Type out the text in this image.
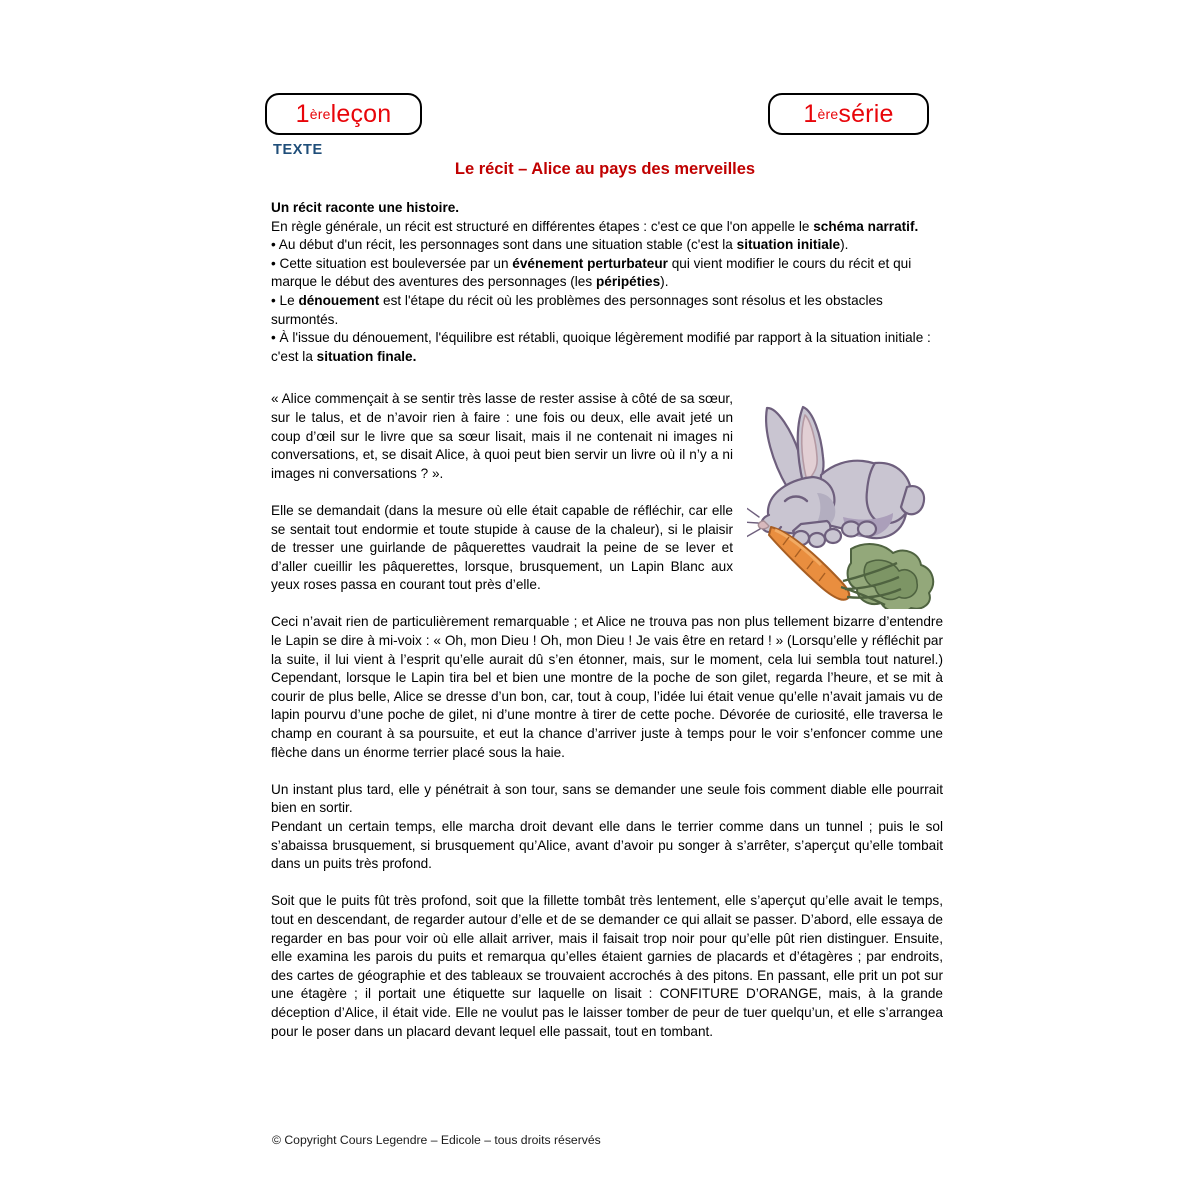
1 ère leçon	1 ère série
TEXTE
Le récit – Alice au pays des merveilles

Un récit raconte une histoire.

En règle générale, un récit est structuré en différentes étapes : c'est ce que l'on appelle le schéma narratif.

• Au début d'un récit, les personnages sont dans une situation stable (c'est la situation initiale).

• Cette situation est bouleversée par un événement perturbateur qui vient modifier le cours du récit et qui marque le début des aventures des personnages (les péripéties).

• Le dénouement est l'étape du récit où les problèmes des personnages sont résolus et les obstacles surmontés.

• À l'issue du dénouement, l'équilibre est rétabli, quoique légèrement modifié par rapport à la situation initiale : c'est la situation finale.

« Alice commençait à se sentir très lasse de rester assise à côté de sa sœur, sur le talus, et de n’avoir rien à faire : une fois ou deux, elle avait jeté un coup d’œil sur le livre que sa sœur lisait, mais il ne contenait ni images ni conversations, et, se disait Alice, à quoi peut bien servir un livre où il n’y a ni images ni conversations ? ».

Elle se demandait (dans la mesure où elle était capable de réfléchir, car elle se sentait tout endormie et toute stupide à cause de la chaleur), si le plaisir de tresser une guirlande de pâquerettes vaudrait la peine de se lever et d’aller cueillir les pâquerettes, lorsque, brusquement, un Lapin Blanc aux yeux roses passa en courant tout près d’elle.

Ceci n’avait rien de particulièrement remarquable ; et Alice ne trouva pas non plus tellement bizarre d’entendre le Lapin se dire à mi-voix : « Oh, mon Dieu ! Oh, mon Dieu ! Je vais être en retard ! » (Lorsqu’elle y réfléchit par la suite, il lui vient à l’esprit qu’elle aurait dû s’en étonner, mais, sur le moment, cela lui sembla tout naturel.) Cependant, lorsque le Lapin tira bel et bien une montre de la poche de son gilet, regarda l’heure, et se mit à courir de plus belle, Alice se dresse d’un bon, car, tout à coup, l’idée lui était venue qu’elle n’avait jamais vu de lapin pourvu d’une poche de gilet, ni d’une montre à tirer de cette poche. Dévorée de curiosité, elle traversa le champ en courant à sa poursuite, et eut la chance d’arriver juste à temps pour le voir s’enfoncer comme une flèche dans un énorme terrier placé sous la haie.

Un instant plus tard, elle y pénétrait à son tour, sans se demander une seule fois comment diable elle pourrait bien en sortir.

Pendant un certain temps, elle marcha droit devant elle dans le terrier comme dans un tunnel ; puis le sol s’abaissa brusquement, si brusquement qu’Alice, avant d’avoir pu songer à s’arrêter, s’aperçut qu’elle tombait dans un puits très profond.

Soit que le puits fût très profond, soit que la fillette tombât très lentement, elle s’aperçut qu’elle avait le temps, tout en descendant, de regarder autour d’elle et de se demander ce qui allait se passer. D’abord, elle essaya de regarder en bas pour voir où elle allait arriver, mais il faisait trop noir pour qu’elle pût rien distinguer. Ensuite, elle examina les parois du puits et remarqua qu’elles étaient garnies de placards et d’étagères ; par endroits, des cartes de géographie et des tableaux se trouvaient accrochés à des pitons. En passant, elle prit un pot sur une étagère ; il portait une étiquette sur laquelle on lisait : CONFITURE D’ORANGE, mais, à la grande déception d’Alice, il était vide. Elle ne voulut pas le laisser tomber de peur de tuer quelqu’un, et elle s’arrangea pour le poser dans un placard devant lequel elle passait, tout en tombant.

© Copyright Cours Legendre – Edicole – tous droits réservés
